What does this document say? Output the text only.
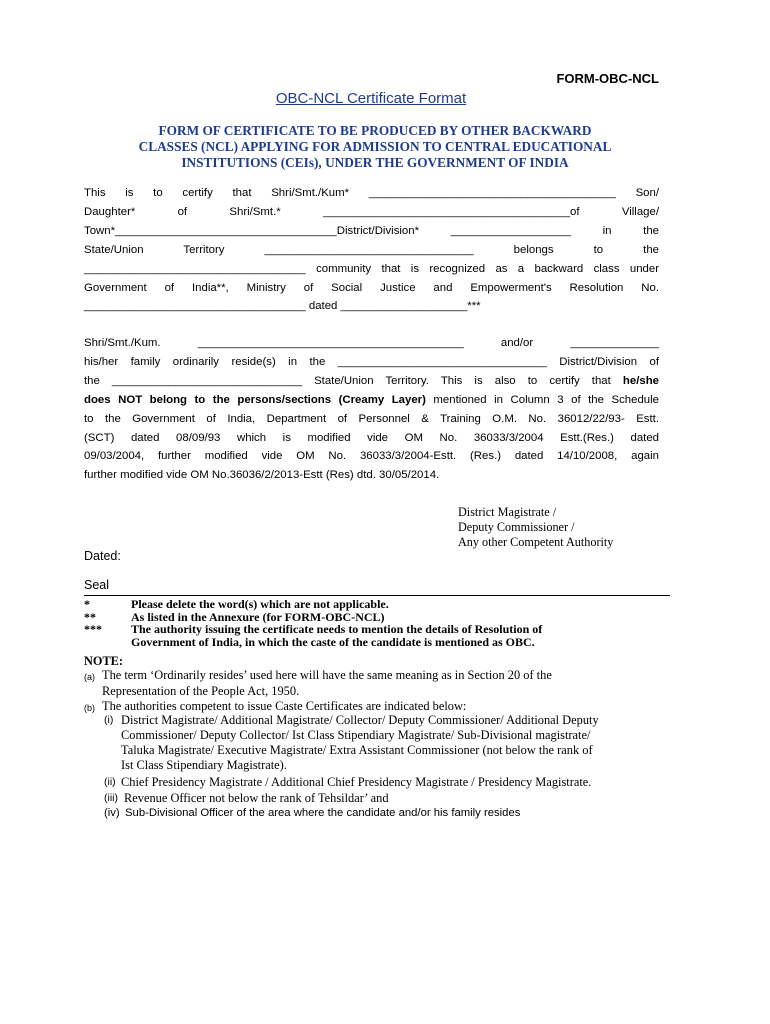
FORM-OBC-NCL
OBC-NCL Certificate Format
FORM OF CERTIFICATE TO BE PRODUCED BY OTHER BACKWARD
CLASSES (NCL) APPLYING FOR ADMISSION TO CENTRAL EDUCATIONAL
INSTITUTIONS (CEIs), UNDER THE GOVERNMENT OF INDIA
This is to certify that Shri/Smt./Kum* _______________________________________ Son/
Daughter* of Shri/Smt.* _______________________________________of Village/
Town*___________________________________District/Division* ___________________ in the
State/Union Territory _________________________________ belongs to the
___________________________________ community that is recognized as a backward class under
Government of India**, Ministry of Social Justice and Empowerment's Resolution No.
___________________________________ dated ____________________***
Shri/Smt./Kum. __________________________________________ and/or ______________
his/her family ordinarily reside(s) in the _________________________________ District/Division of
the ______________________________ State/Union Territory. This is also to certify that he/she
does NOT belong to the persons/sections (Creamy Layer) mentioned in Column 3 of the Schedule
to the Government of India, Department of Personnel & Training O.M. No. 36012/22/93- Estt.
(SCT) dated 08/09/93 which is modified vide OM No. 36033/3/2004 Estt.(Res.) dated
09/03/2004, further modified vide OM No. 36033/3/2004-Estt. (Res.) dated 14/10/2008, again
further modified vide OM No.36036/2/2013-Estt (Res) dtd. 30/05/2014.
District Magistrate /
Deputy Commissioner /
Any other Competent Authority
Dated:
Seal
*	Please delete the word(s) which are not applicable.
**	As listed in the Annexure (for FORM-OBC-NCL)
*** The authority issuing the certificate needs to mention the details of Resolution of
Government of India, in which the caste of the candidate is mentioned as OBC.
NOTE:
(a) The term ‘Ordinarily resides’ used here will have the same meaning as in Section 20 of the
Representation of the People Act, 1950.
(b) The authorities competent to issue Caste Certificates are indicated below:
(i) District Magistrate/ Additional Magistrate/ Collector/ Deputy Commissioner/ Additional Deputy
Commissioner/ Deputy Collector/ Ist Class Stipendiary Magistrate/ Sub-Divisional magistrate/
Taluka Magistrate/ Executive Magistrate/ Extra Assistant Commissioner (not below the rank of
Ist Class Stipendiary Magistrate).
(ii) Chief Presidency Magistrate / Additional Chief Presidency Magistrate / Presidency Magistrate.
(iii) Revenue Officer not below the rank of Tehsildar’ and
(iv) Sub-Divisional Officer of the area where the candidate and/or his family resides
